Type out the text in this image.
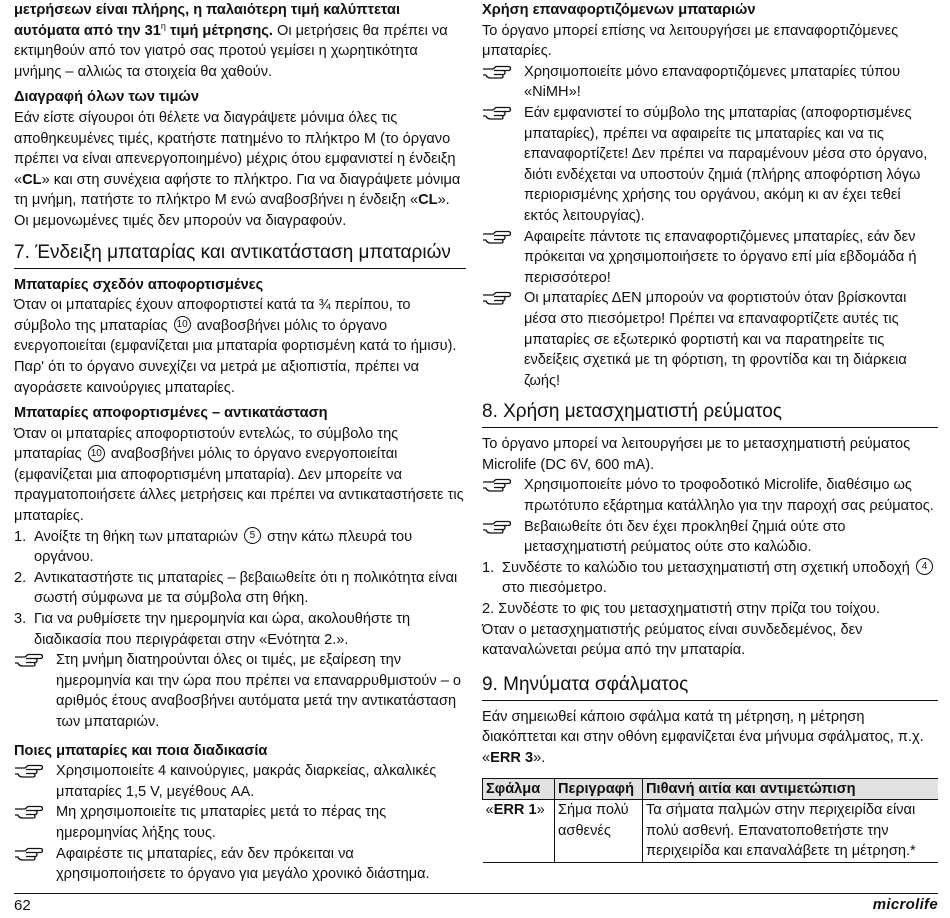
μετρήσεων είναι πλήρης, η παλαιότερη τιμή καλύπτεται αυτόματα από την $31^\eta$ τιμή μέτρησης. Οι μετρήσεις θα πρέπει να εκτιμηθούν από τον γιατρό σας προτού γεμίσει η χωρητικότητα μνήμης – αλλιώς τα στοιχεία θα χαθούν.

Διαγραφή όλων των τιμών

Εάν είστε σίγουροι ότι θέλετε να διαγράψετε μόνιμα όλες τις αποθηκευμένες τιμές, κρατήστε πατημένο το πλήκτρο M (το όργανο πρέπει να είναι απενεργοποιημένο) μέχρις ότου εμφανιστεί η ένδειξη «CL» και στη συνέχεια αφήστε το πλήκτρο. Για να διαγράψετε μόνιμα τη μνήμη, πατήστε το πλήκτρο M ενώ αναβοσβήνει η ένδειξη «CL». Οι μεμονωμένες τιμές δεν μπορούν να διαγραφούν.

7. Ένδειξη μπαταρίας και αντικατάσταση μπαταριών

Μπαταρίες σχεδόν αποφορτισμένες

Όταν οι μπαταρίες έχουν αποφορτιστεί κατά τα ¾ περίπου, το σύμβολο της μπαταρίας 10 αναβοσβήνει μόλις το όργανο ενεργοποιείται (εμφανίζεται μια μπαταρία φορτισμένη κατά το ήμισυ). Παρ' ότι το όργανο συνεχίζει να μετρά με αξιοπιστία, πρέπει να αγοράσετε καινούργιες μπαταρίες.

Μπαταρίες αποφορτισμένες – αντικατάσταση

Όταν οι μπαταρίες αποφορτιστούν εντελώς, το σύμβολο της μπαταρίας 10 αναβοσβήνει μόλις το όργανο ενεργοποιείται (εμφανίζεται μια αποφορτισμένη μπαταρία). Δεν μπορείτε να πραγματοποιήσετε άλλες μετρήσεις και πρέπει να αντικαταστήσετε τις μπαταρίες.

1. Ανοίξτε τη θήκη των μπαταριών 5 στην κάτω πλευρά του οργάνου.
2. Αντικαταστήστε τις μπαταρίες – βεβαιωθείτε ότι η πολικότητα είναι σωστή σύμφωνα με τα σύμβολα στη θήκη.
3. Για να ρυθμίσετε την ημερομηνία και ώρα, ακολουθήστε τη διαδικασία που περιγράφεται στην «Ενότητα 2.».
Στη μνήμη διατηρούνται όλες οι τιμές, με εξαίρεση την ημερομηνία και την ώρα που πρέπει να επαναρρυθμιστούν – ο αριθμός έτους αναβοσβήνει αυτόματα μετά την αντικατάσταση των μπαταριών.

Ποιες μπαταρίες και ποια διαδικασία

Χρησιμοποιείτε 4 καινούργιες, μακράς διαρκείας, αλκαλικές μπαταρίες 1,5 V, μεγέθους AA.
Μη χρησιμοποιείτε τις μπαταρίες μετά το πέρας της ημερομηνίας λήξης τους.
Αφαιρέστε τις μπαταρίες, εάν δεν πρόκειται να χρησιμοποιήσετε το όργανο για μεγάλο χρονικό διάστημα.

Χρήση επαναφορτιζόμενων μπαταριών

Το όργανο μπορεί επίσης να λειτουργήσει με επαναφορτιζόμενες μπαταρίες.

Χρησιμοποιείτε μόνο επαναφορτιζόμενες μπαταρίες τύπου «NiMH»!
Εάν εμφανιστεί το σύμβολο της μπαταρίας (αποφορτισμένες μπαταρίες), πρέπει να αφαιρείτε τις μπαταρίες και να τις επαναφορτίζετε! Δεν πρέπει να παραμένουν μέσα στο όργανο, διότι ενδέχεται να υποστούν ζημιά (πλήρης αποφόρτιση λόγω περιορισμένης χρήσης του οργάνου, ακόμη κι αν έχει τεθεί εκτός λειτουργίας).
Αφαιρείτε πάντοτε τις επαναφορτιζόμενες μπαταρίες, εάν δεν πρόκειται να χρησιμοποιήσετε το όργανο επί μία εβδομάδα ή περισσότερο!
Οι μπαταρίες ΔΕΝ μπορούν να φορτιστούν όταν βρίσκονται μέσα στο πιεσόμετρο! Πρέπει να επαναφορτίζετε αυτές τις μπαταρίες σε εξωτερικό φορτιστή και να παρατηρείτε τις ενδείξεις σχετικά με τη φόρτιση, τη φροντίδα και τη διάρκεια ζωής!
8. Χρήση μετασχηματιστή ρεύματος

Το όργανο μπορεί να λειτουργήσει με το μετασχηματιστή ρεύματος Microlife (DC 6V, 600 mA).

Χρησιμοποιείτε μόνο το τροφοδοτικό Microlife, διαθέσιμο ως πρωτότυπο εξάρτημα κατάλληλο για την παροχή σας ρεύματος.
Βεβαιωθείτε ότι δεν έχει προκληθεί ζημιά ούτε στο μετασχηματιστή ρεύματος ούτε στο καλώδιο.
1. Συνδέστε το καλώδιο του μετασχηματιστή στη σχετική υποδοχή 4 στο πιεσόμετρο.

2. Συνδέστε το φις του μετασχηματιστή στην πρίζα του τοίχου.

Όταν ο μετασχηματιστής ρεύματος είναι συνδεδεμένος, δεν καταναλώνεται ρεύμα από την μπαταρία.

9. Μηνύματα σφάλματος

Εάν σημειωθεί κάποιο σφάλμα κατά τη μέτρηση, η μέτρηση διακόπτεται και στην οθόνη εμφανίζεται ένα μήνυμα σφάλματος, π.χ. «ERR 3».

Σφάλμα	Περιγραφή	Πιθανή αιτία και αντιμετώπιση
«ERR 1»	Σήμα πολύ ασθενές	Τα σήματα παλμών στην περιχειρίδα είναι πολύ ασθενή. Επανατοποθετήστε την περιχειρίδα και επαναλάβετε τη μέτρηση.*
62	microlife
